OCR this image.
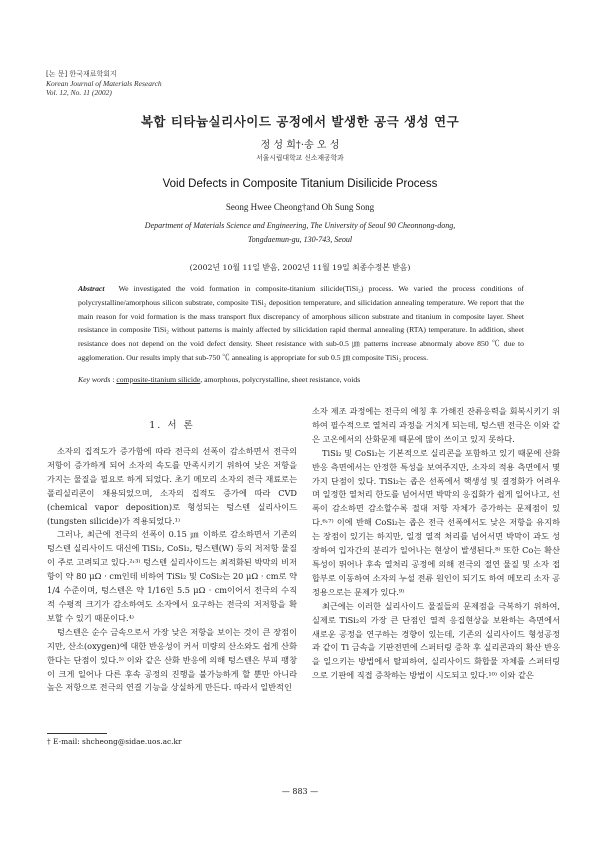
[논 문] 한국재료학회지
Korean Journal of Materials Research
Vol. 12, No. 11 (2002)
복합 티타늄실리사이드 공정에서 발생한 공극 생성 연구
정 성 희†·송 오 성
서울시립대학교 신소재공학과
Void Defects in Composite Titanium Disilicide Process
Seong Hwee Cheong†and Oh Sung Song
Department of Materials Science and Engineering, The University of Seoul 90 Cheonnong-dong,
Tongdaemun-gu, 130-743, Seoul
(2002년 10월 11일 받음, 2002년 11월 19일 최종수정본 받음)
Abstract We investigated the void formation in composite-titanium silicide(TiSi₂) process. We varied the process conditions of polycrystalline/amorphous silicon substrate, composite TiSi₂ deposition temperature, and silicidation annealing temperature. We report that the main reason for void formation is the mass transport flux discrepancy of amorphous silicon substrate and titanium in composite layer. Sheet resistance in composite TiSi₂ without patterns is mainly affected by silicidation rapid thermal annealing (RTA) temperature. In addition, sheet resistance does not depend on the void defect density. Sheet resistance with sub-0.5 ㎛ patterns increase abnormaly above 850 ℃ due to agglomeration. Our results imply that sub-750 ℃ annealing is appropriate for sub 0.5 ㎛ composite TiSi₂ process.
Key words : composite-titanium silicide, amorphous, polycrystalline, sheet resistance, voids
1. 서 론

소자의 집적도가 증가함에 따라 전극의 선폭이 감소하면서 전극의 저항이 증가하게 되어 소자의 속도를 만족시키기 위하여 낮은 저항을 가지는 물질을 필요로 하게 되었다. 초기 메모리 소자의 전극 재료로는 폴리실리콘이 채용되었으며, 소자의 집적도 증가에 따라 CVD (chemical vapor deposition)로 형성되는 텅스텐 실리사이드(tungsten silicide)가 적용되었다.¹⁾

그러나, 최근에 전극의 선폭이 0.15 ㎛ 이하로 감소하면서 기존의 텅스텐 실리사이드 대신에 TiSi₂, CoSi₂, 텅스텐(W) 등의 저저항 물질이 주로 고려되고 있다.²˒³⁾ 텅스텐 실리사이드는 최적화된 박막의 비저항이 약 80 μΩ · cm인데 비하여 TiSi₂ 및 CoSi₂는 20 μΩ · cm로 약 1/4 수준이며, 텅스텐은 약 1/16인 5.5 μΩ · cm이어서 전극의 수직적 수평적 크기가 감소하여도 소자에서 요구하는 전극의 저저항을 확보할 수 있기 때문이다.⁴⁾

텅스텐은 순수 금속으로서 가장 낮은 저항을 보이는 것이 큰 장점이지만, 산소(oxygen)에 대한 반응성이 커서 미량의 산소와도 쉽게 산화한다는 단점이 있다.⁵⁾ 이와 같은 산화 반응에 의해 텅스텐은 부피 팽창이 크게 일어나 다른 후속 공정의 진행을 불가능하게 할 뿐만 아니라 높은 저항으로 전극의 연결 기능을 상실하게 만든다. 따라서 일반적인

소자 제조 과정에는 전극의 에칭 후 가해진 잔류응력을 회복시키기 위하여 필수적으로 열처리 과정을 거치게 되는데, 텅스텐 전극은 이와 같은 고온에서의 산화문제 때문에 많이 쓰이고 있지 못하다.

TiSi₂ 및 CoSi₂는 기본적으로 실리콘을 포함하고 있기 때문에 산화 반응 측면에서는 안정한 특성을 보여주지만, 소자의 적용 측면에서 몇 가지 단점이 있다. TiSi₂는 좁은 선폭에서 핵생성 및 결정화가 어려우며 일정한 열처리 한도를 넘어서면 박막의 응집화가 쉽게 일어나고, 선폭이 감소하면 감소할수록 절대 저항 자체가 증가하는 문제점이 있다.⁶˒⁷⁾ 이에 반해 CoSi₂는 좁은 전극 선폭에서도 낮은 저항을 유지하는 장점이 있기는 하지만, 일정 열적 처리를 넘어서면 박막이 과도 성장하여 입자간의 분리가 일어나는 현상이 발생된다.⁸⁾ 또한 Co는 확산 특성이 뛰어나 후속 열처리 공정에 의해 전극의 절연 물질 및 소자 접합부로 이동하여 소자의 누설 전류 원인이 되기도 하여 메모리 소자 공정용으로는 문제가 있다.⁹⁾

최근에는 이러한 실리사이드 물질들의 문제점을 극복하기 위하여, 실제로 TiSi₂의 가장 큰 단점인 열적 응집현상을 보완하는 측면에서 새로운 공정을 연구하는 경향이 있는데, 기존의 실리사이드 형성공정과 같이 Ti 금속을 기판전면에 스퍼터링 증착 후 실리콘과의 확산 반응을 일으키는 방법에서 탈피하여, 실리사이드 화합물 자체를 스퍼터링으로 기판에 직접 증착하는 방법이 시도되고 있다.¹⁰⁾ 이와 같은

† E-mail: shcheong@sidae.uos.ac.kr
— 883 —
